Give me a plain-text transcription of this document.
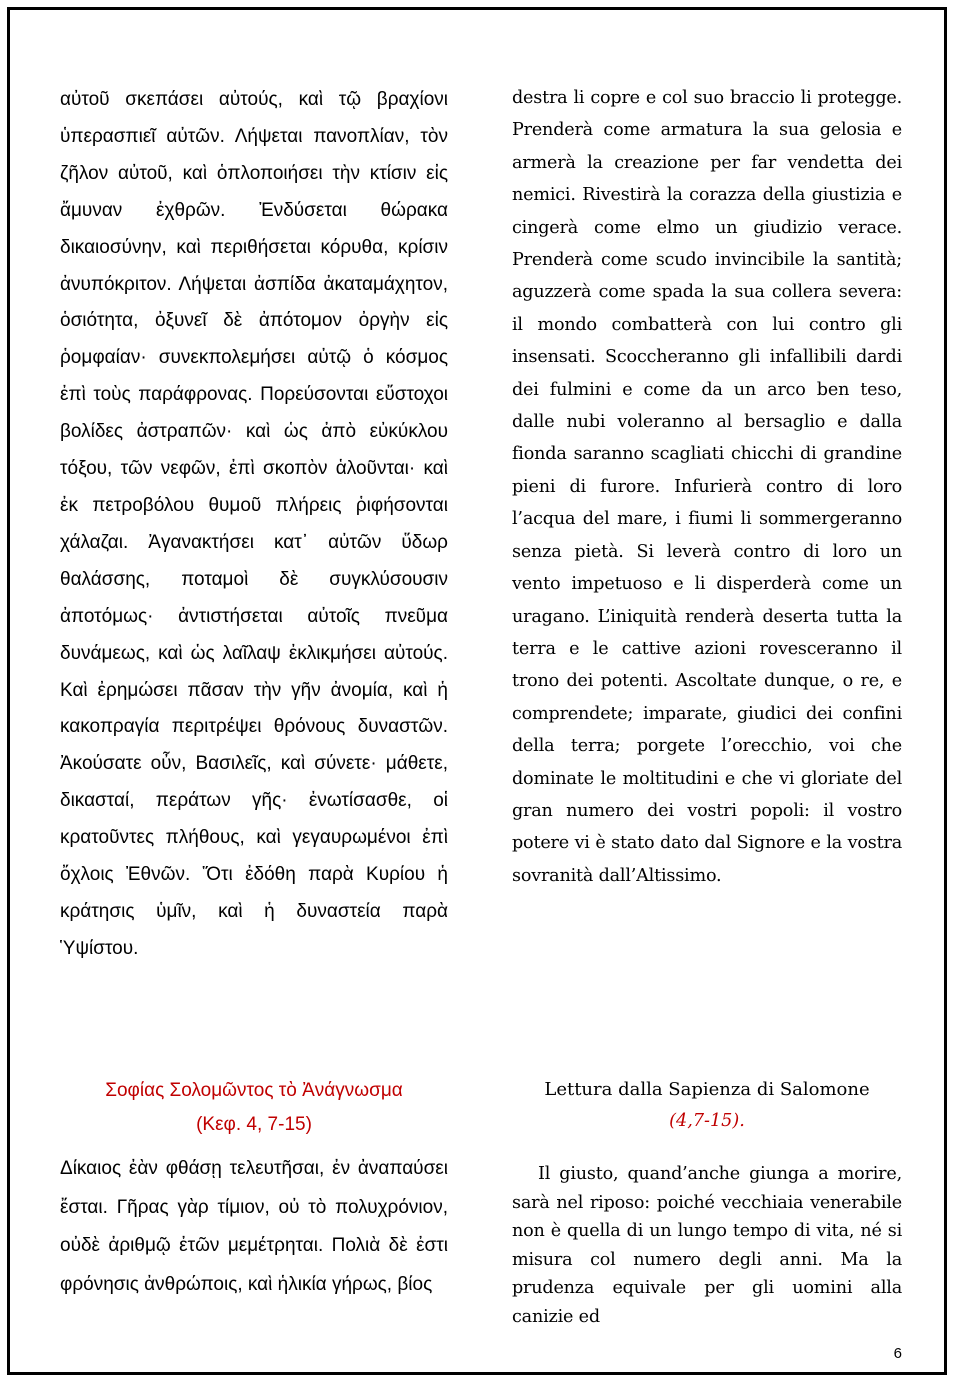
αὐτοῦ σκεπάσει αὐτούς, καὶ τῷ βραχίονι ὑπερασπιεῖ αὐτῶν. Λήψεται πανοπλίαν, τὸν ζῆλον αὐτοῦ, καὶ ὁπλοποιήσει τὴν κτίσιν εἰς ἄμυναν ἐχθρῶν. Ἐνδύσεται θώρακα δικαιοσύνην, καὶ περιθήσεται κόρυθα, κρίσιν ἀνυπόκριτον. Λήψεται ἀσπίδα ἀκαταμάχητον, ὁσιότητα, ὀξυνεῖ δὲ ἀπότομον ὀργὴν εἰς ῥομφαίαν· συνεκπολεμήσει αὐτῷ ὁ κόσμος ἐπὶ τοὺς παράφρονας. Πορεύσονται εὔστοχοι βολίδες ἀστραπῶν· καὶ ὡς ἀπὸ εὐκύκλου τόξου, τῶν νεφῶν, ἐπὶ σκοπὸν ἁλοῦνται· καὶ ἐκ πετροβόλου θυμοῦ πλήρεις ῥιφήσονται χάλαζαι. Ἀγανακτήσει κατ᾿ αὐτῶν ὕδωρ θαλάσσης, ποταμοὶ δὲ συγκλύσουσιν ἀποτόμως· ἀντιστήσεται αὐτοῖς πνεῦμα δυνάμεως, καὶ ὡς λαῖλαψ ἐκλικμήσει αὐτούς. Καὶ ἐρημώσει πᾶσαν τὴν γῆν ἀνομία, καὶ ἡ κακοπραγία περιτρέψει θρόνους δυναστῶν. Ἀκούσατε οὖν, Βασιλεῖς, καὶ σύνετε· μάθετε, δικασταί, περάτων γῆς· ἐνωτίσασθε, οἱ κρατοῦντες πλήθους, καὶ γεγαυρωμένοι ἐπὶ ὄχλοις Ἐθνῶν. Ὅτι ἐδόθη παρὰ Κυρίου ἡ κράτησις ὑμῖν, καὶ ἡ δυναστεία παρὰ Ὑψίστου.
destra li copre e col suo braccio li protegge. Prenderà come armatura la sua gelosia e armerà la creazione per far vendetta dei nemici. Rivestirà la corazza della giustizia e cingerà come elmo un giudizio verace. Prenderà come scudo invincibile la santità; aguzzerà come spada la sua collera severa: il mondo combatterà con lui contro gli insensati. Scoccheranno gli infallibili dardi dei fulmini e come da un arco ben teso, dalle nubi voleranno al bersaglio e dalla fionda saranno scagliati chicchi di grandine pieni di furore. Infurierà contro di loro l’acqua del mare, i fiumi li sommergeranno senza pietà. Si leverà contro di loro un vento impetuoso e li disperderà come un uragano. L’iniquità renderà deserta tutta la terra e le cattive azioni rovesceranno il trono dei potenti. Ascoltate dunque, o re, e comprendete; imparate, giudici dei confini della terra; porgete l’orecchio, voi che dominate le moltitudini e che vi gloriate del gran numero dei vostri popoli: il vostro potere vi è stato dato dal Signore e la vostra sovranità dall’Altissimo.
Σοφίας Σολομῶντος τὸ Ἀνάγνωσμα
(Κεφ. 4, 7-15)
Lettura dalla Sapienza di Salomone
(4,7-15).
Δίκαιος ἐὰν φθάσῃ τελευτῆσαι, ἐν ἀναπαύσει ἔσται. Γῆρας γὰρ τίμιον, οὐ τὸ πολυχρόνιον, οὐδὲ ἀριθμῷ ἐτῶν μεμέτρηται. Πολιὰ δὲ ἐστι φρόνησις ἀνθρώποις, καὶ ἡλικία γήρως, βίος
Il giusto, quand’anche giunga a morire, sarà nel riposo: poiché vecchiaia venerabile non è quella di un lungo tempo di vita, né si misura col numero degli anni. Ma la prudenza equivale per gli uomini alla canizie ed
6
